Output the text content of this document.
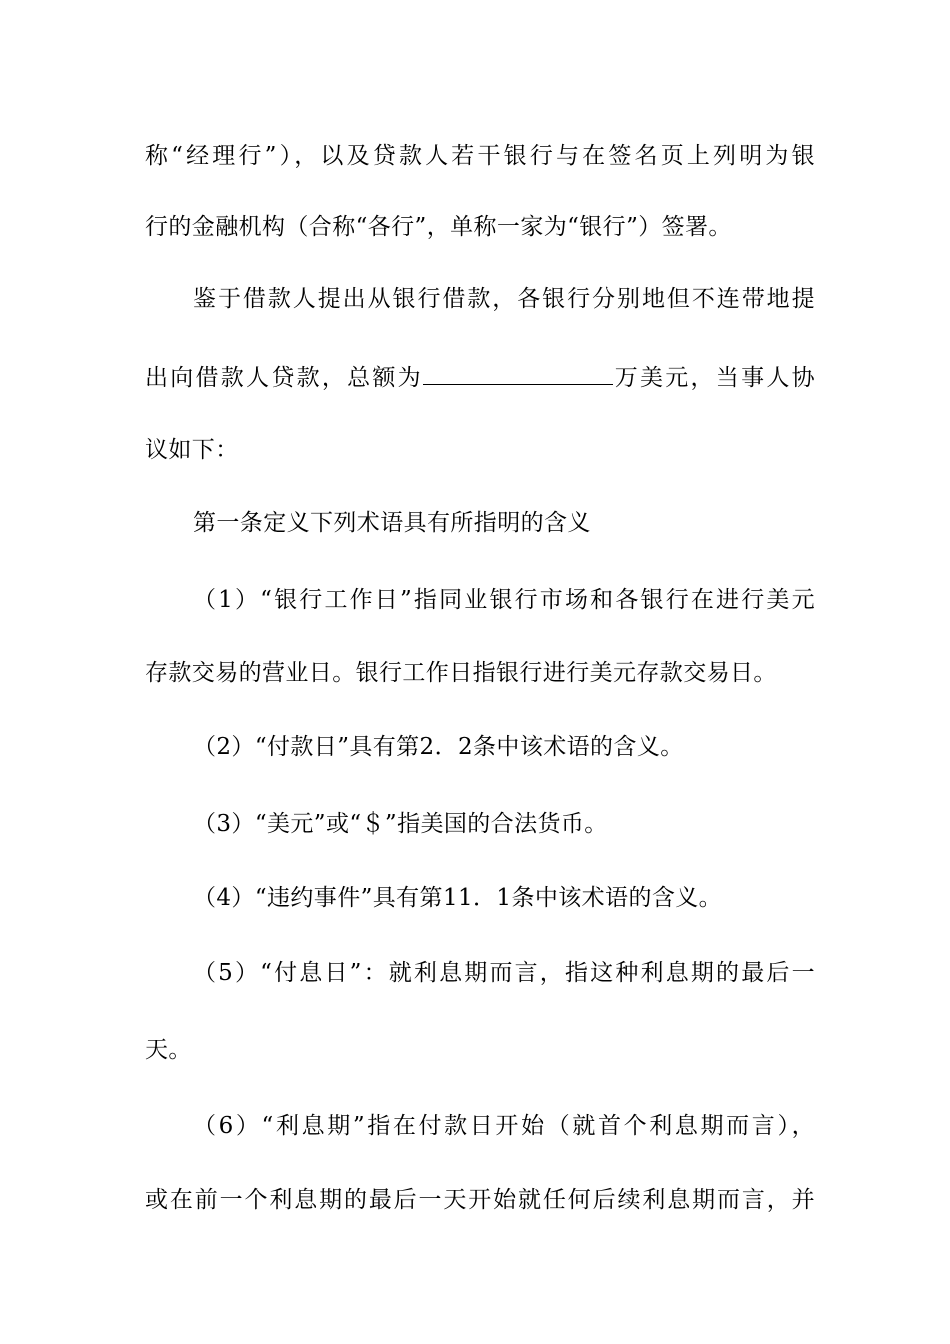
称“经理行”），以及贷款人若干银行与在签名页上列明为银
行的金融机构（合称“各行”，单称一家为“银行”）签署。
鉴于借款人提出从银行借款，各银行分别地但不连带地提
出向借款人贷款，总额为	万美元，当事人协
议如下：
第一条定义下列术语具有所指明的含义
（1）“银行工作日”指同业银行市场和各银行在进行美元
存款交易的营业日。银行工作日指银行进行美元存款交易日。
（2）“付款日”具有第2．2条中该术语的含义。
（3）“美元”或“＄”指美国的合法货币。
（4）“违约事件”具有第11．1条中该术语的含义。
（5）“付息日”：就利息期而言，指这种利息期的最后一
天。
（6）“利息期”指在付款日开始（就首个利息期而言），
或在前一个利息期的最后一天开始就任何后续利息期而言，并
